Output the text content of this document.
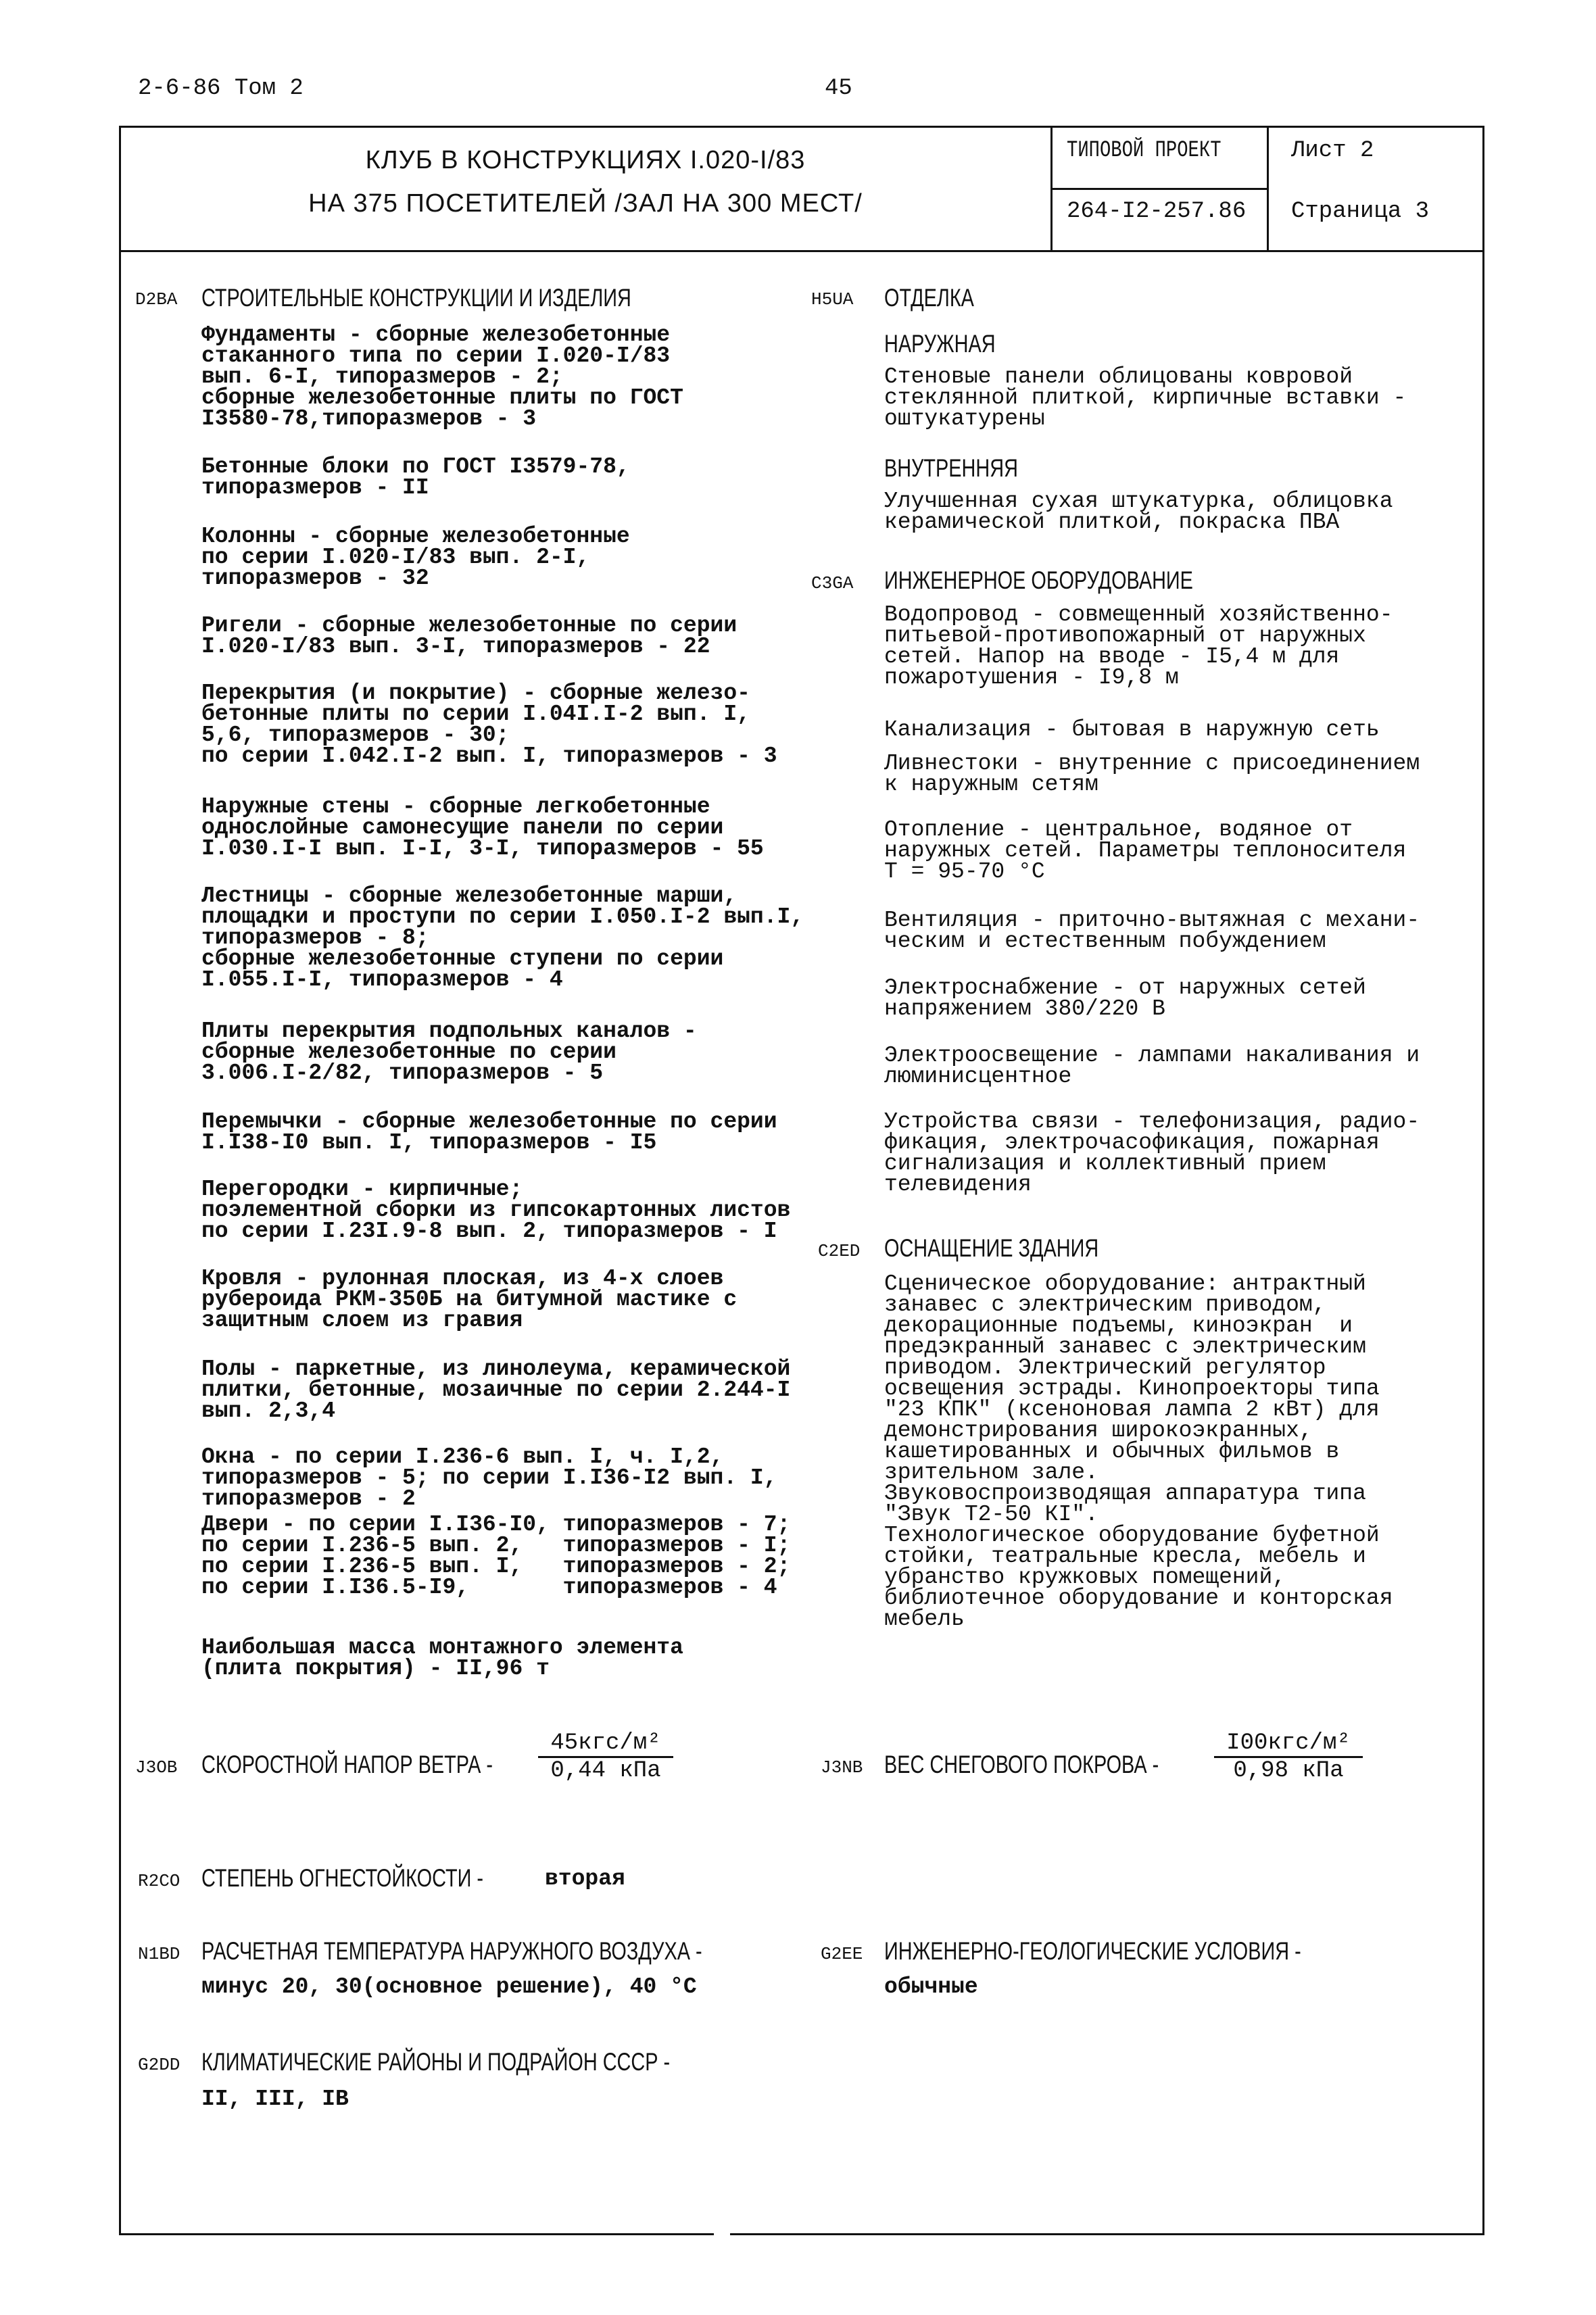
2-6-86 Том 2	45
КЛУБ В КОНСТРУКЦИЯХ I.020-I/83
НА 375 ПОСЕТИТЕЛЕЙ /ЗАЛ НА 300 МЕСТ/
ТИПОВОЙ ПРОЕКТ
264-I2-257.86
Лист 2
Страница 3
D2BA СТРОИТЕЛЬНЫЕ КОНСТРУКЦИИ И ИЗДЕЛИЯ
Фундаменты - сборные железобетонные
стаканного типа по серии I.020-I/83
вып. 6-I, типоразмеров - 2;
сборные железобетонные плиты по ГОСТ
I3580-78,типоразмеров - 3
Бетонные блоки по ГОСТ I3579-78,
типоразмеров - II
Колонны - сборные железобетонные
по серии I.020-I/83 вып. 2-I,
типоразмеров - 32
Ригели - сборные железобетонные по серии
I.020-I/83 вып. 3-I, типоразмеров - 22
Перекрытия (и покрытие) - сборные железо-
бетонные плиты по серии I.04I.I-2 вып. I,
5,6, типоразмеров - 30;
по серии I.042.I-2 вып. I, типоразмеров - 3
Наружные стены - сборные легкобетонные
однослойные самонесущие панели по серии
I.030.I-I вып. I-I, 3-I, типоразмеров - 55
Лестницы - сборные железобетонные марши,
площадки и проступи по серии I.050.I-2 вып.I,
типоразмеров - 8;
сборные железобетонные ступени по серии
I.055.I-I, типоразмеров - 4
Плиты перекрытия подпольных каналов -
сборные железобетонные по серии
3.006.I-2/82, типоразмеров - 5
Перемычки - сборные железобетонные по серии
I.I38-I0 вып. I, типоразмеров - I5
Перегородки - кирпичные;
поэлементной сборки из гипсокартонных листов
по серии I.23I.9-8 вып. 2, типоразмеров - I
Кровля - рулонная плоская, из 4-х слоев
рубероида РКМ-350Б на битумной мастике с
защитным слоем из гравия
Полы - паркетные, из линолеума, керамической
плитки, бетонные, мозаичные по серии 2.244-I
вып. 2,3,4
Окна - по серии I.236-6 вып. I, ч. I,2,
типоразмеров - 5; по серии I.I36-I2 вып. I,
типоразмеров - 2
Двери - по серии I.I36-I0, типоразмеров - 7;
по серии I.236-5 вып. 2,   типоразмеров - I;
по серии I.236-5 вып. I,   типоразмеров - 2;
по серии I.I36.5-I9,       типоразмеров - 4
Наибольшая масса монтажного элемента
(плита покрытия) - II,96 т
H5UA ОТДЕЛКА
НАРУЖНАЯ
Стеновые панели облицованы ковровой
стеклянной плиткой, кирпичные вставки -
оштукатурены
ВНУТРЕННЯЯ
Улучшенная сухая штукатурка, облицовка
керамической плиткой, покраска ПВА
C3GA ИНЖЕНЕРНОЕ ОБОРУДОВАНИЕ
Водопровод - совмещенный хозяйственно-
питьевой-противопожарный от наружных
сетей. Напор на вводе - I5,4 м для
пожаротушения - I9,8 м
Канализация - бытовая в наружную сеть
Ливнестоки - внутренние с присоединением
к наружным сетям
Отопление - центральное, водяное от
наружных сетей. Параметры теплоносителя
Т = 95-70 °С
Вентиляция - приточно-вытяжная с механи-
ческим и естественным побуждением
Электроснабжение - от наружных сетей
напряжением 380/220 В
Электроосвещение - лампами накаливания и
люминисцентное
Устройства связи - телефонизация, радио-
фикация, электрочасофикация, пожарная
сигнализация и коллективный прием
телевидения
C2ED ОСНАЩЕНИЕ ЗДАНИЯ
Сценическое оборудование: антрактный
занавес с электрическим приводом,
декорационные подъемы, киноэкран  и
предэкранный занавес с электрическим
приводом. Электрический регулятор
освещения эстрады. Кинопроекторы типа
"23 КПК" (ксеноновая лампа 2 кВт) для
демонстрирования широкоэкранных,
кашетированных и обычных фильмов в
зрительном зале.
Звуковоспроизводящая аппаратура типа
"Звук Т2-50 КI".
Технологическое оборудование буфетной
стойки, театральные кресла, мебель и
убранство кружковых помещений,
библиотечное оборудование и конторская
мебель
J3OB СКОРОСТНОЙ НАПОР ВЕТРА -
45кгс/м²
0,44 кПа	J3NB ВЕС СНЕГОВОГО ПОКРОВА -
I00кгс/м²
0,98 кПа
R2CO СТЕПЕНЬ ОГНЕСТОЙКОСТИ -	вторая
N1BD РАСЧЕТНАЯ ТЕМПЕРАТУРА НАРУЖНОГО ВОЗДУХА -
минус 20, 30(основное решение), 40 °С
G2EE ИНЖЕНЕРНО-ГЕОЛОГИЧЕСКИЕ УСЛОВИЯ -
обычные
G2DD КЛИМАТИЧЕСКИЕ РАЙОНЫ И ПОДРАЙОН СССР -
II, III, IВ
